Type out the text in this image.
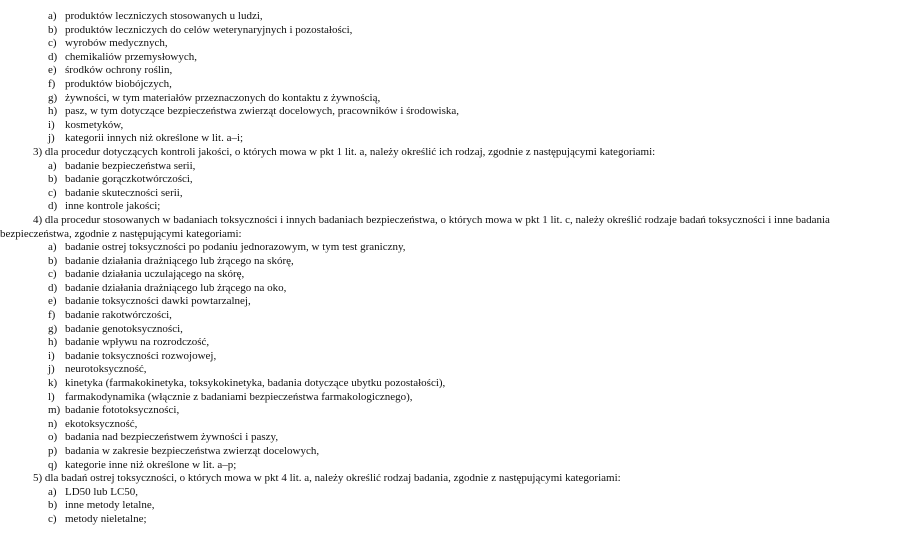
a) produktów leczniczych stosowanych u ludzi,
b) produktów leczniczych do celów weterynaryjnych i pozostałości,
c) wyrobów medycznych,
d) chemikaliów przemysłowych,
e) środków ochrony roślin,
f) produktów biobójczych,
g) żywności, w tym materiałów przeznaczonych do kontaktu z żywnością,
h) pasz, w tym dotyczące bezpieczeństwa zwierząt docelowych, pracowników i środowiska,
i) kosmetyków,
j) kategorii innych niż określone w lit. a–i;
3) dla procedur dotyczących kontroli jakości, o których mowa w pkt 1 lit. a, należy określić ich rodzaj, zgodnie z następującymi kategoriami:
a) badanie bezpieczeństwa serii,
b) badanie gorączkotwórczości,
c) badanie skuteczności serii,
d) inne kontrole jakości;
4) dla procedur stosowanych w badaniach toksyczności i innych badaniach bezpieczeństwa, o których mowa w pkt 1 lit. c, należy określić rodzaje badań toksyczności i inne badania bezpieczeństwa, zgodnie z następującymi kategoriami:
a) badanie ostrej toksyczności po podaniu jednorazowym, w tym test graniczny,
b) badanie działania drażniącego lub żrącego na skórę,
c) badanie działania uczulającego na skórę,
d) badanie działania drażniącego lub żrącego na oko,
e) badanie toksyczności dawki powtarzalnej,
f) badanie rakotwórczości,
g) badanie genotoksyczności,
h) badanie wpływu na rozrodczość,
i) badanie toksyczności rozwojowej,
j) neurotoksyczność,
k) kinetyka (farmakokinetyka, toksykokinetyka, badania dotyczące ubytku pozostałości),
l) farmakodynamika (włącznie z badaniami bezpieczeństwa farmakologicznego),
m) badanie fototoksyczności,
n) ekotoksyczność,
o) badania nad bezpieczeństwem żywności i paszy,
p) badania w zakresie bezpieczeństwa zwierząt docelowych,
q) kategorie inne niż określone w lit. a–p;
5) dla badań ostrej toksyczności, o których mowa w pkt 4 lit. a, należy określić rodzaj badania, zgodnie z następującymi kategoriami:
a) LD50 lub LC50,
b) inne metody letalne,
c) metody nieletalne;
